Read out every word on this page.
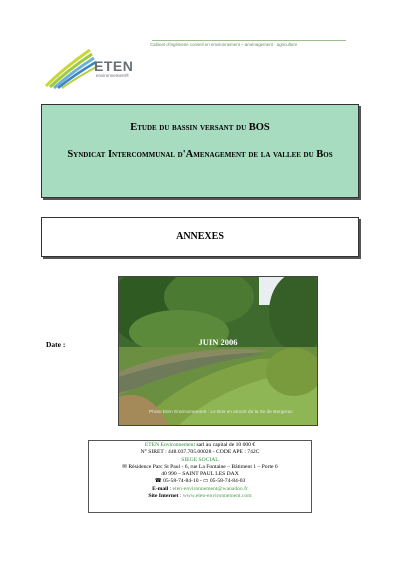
Cabinet d'ingénierie conseil en environnement – aménagement · agriculture
ETEN
environnement®
Etude du bassin versant du BOS
Syndicat Intercommunal d'Amenagement de la vallee du Bos
ANNEXES
Date :	JUIN 2006
Photo Eten Environnement : Le Bos en amont de la rte de Bergerac
ETEN Environnement sarl au capital de 10 000 €
N° SIRET : 448.037.705.00028 - CODE APE : 742C
SIEGE SOCIAL
✉ Résidence Parc St Paul - 6, rue La Fontaine – Bâtiment 1 – Porte 6
40 990 – SAINT PAUL LES DAX
☎ 05-58-74-84-10 - ▭ 05-58-74-84-03
E-mail : eten-environnement@wanadoo.fr
Site Internet : www.eten-environnement.com
